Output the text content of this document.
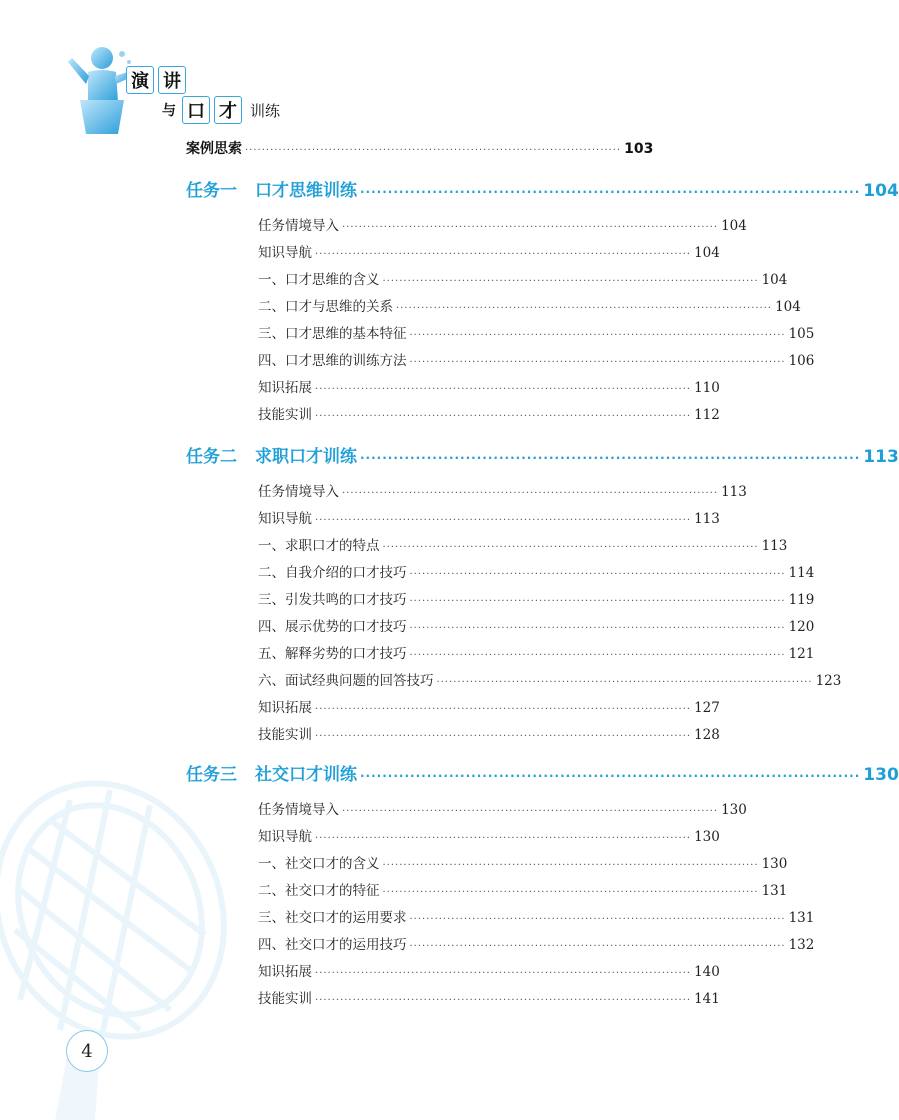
演 讲
与 口 才 训练
案例思索 ·························································································· 103
任务一 口才思维训练 ·························································································· 104
任务情境导入 ·························································································· 104
知识导航 ·························································································· 104
一、口才思维的含义 ·························································································· 104
二、口才与思维的关系 ·························································································· 104
三、口才思维的基本特征 ·························································································· 105
四、口才思维的训练方法 ·························································································· 106
知识拓展 ·························································································· 110
技能实训 ·························································································· 112
任务二 求职口才训练 ·························································································· 113
任务情境导入 ·························································································· 113
知识导航 ·························································································· 113
一、求职口才的特点 ·························································································· 113
二、自我介绍的口才技巧 ·························································································· 114
三、引发共鸣的口才技巧 ·························································································· 119
四、展示优势的口才技巧 ·························································································· 120
五、解释劣势的口才技巧 ·························································································· 121
六、面试经典问题的回答技巧 ·························································································· 123
知识拓展 ·························································································· 127
技能实训 ·························································································· 128
任务三 社交口才训练 ·························································································· 130
任务情境导入 ·························································································· 130
知识导航 ·························································································· 130
一、社交口才的含义 ·························································································· 130
二、社交口才的特征 ·························································································· 131
三、社交口才的运用要求 ·························································································· 131
四、社交口才的运用技巧 ·························································································· 132
知识拓展 ·························································································· 140
技能实训 ·························································································· 141
4
